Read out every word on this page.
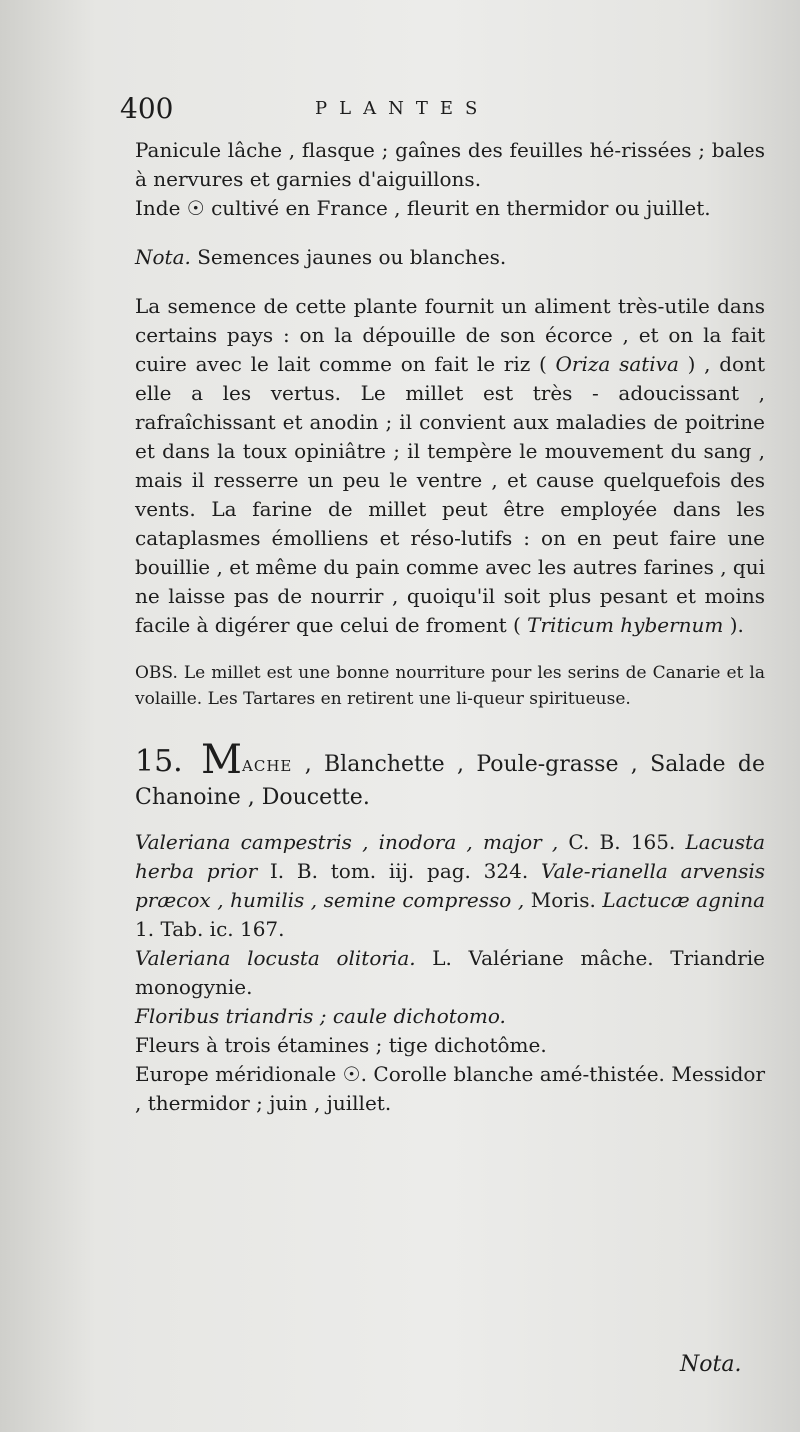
400	PLANTES

Panicule lâche , flasque ; gaînes des feuilles hé-rissées ; bales à nervures et garnies d'aiguillons.

Inde ☉ cultivé en France , fleurit en thermidor ou juillet.

Nota. Semences jaunes ou blanches.

La semence de cette plante fournit un aliment très-utile dans certains pays : on la dépouille de son écorce , et on la fait cuire avec le lait comme on fait le riz ( Oriza sativa ) , dont elle a les vertus. Le millet est très - adoucissant , rafraîchissant et anodin ; il convient aux maladies de poitrine et dans la toux opiniâtre ; il tempère le mouvement du sang , mais il resserre un peu le ventre , et cause quelquefois des vents. La farine de millet peut être employée dans les cataplasmes émolliens et réso-lutifs : on en peut faire une bouillie , et même du pain comme avec les autres farines , qui ne laisse pas de nourrir , quoiqu'il soit plus pesant et moins facile à digérer que celui de froment ( Triticum hybernum ).

OBS. Le millet est une bonne nourriture pour les serins de Canarie et la volaille. Les Tartares en retirent une li-queur spiritueuse.

15. MACHE , Blanchette , Poule-grasse , Salade de Chanoine , Doucette.

Valeriana campestris , inodora , major , C. B. 165. Lacusta herba prior I. B. tom. iij. pag. 324. Vale-rianella arvensis præcox , humilis , semine compresso , Moris. Lactucæ agnina 1. Tab. ic. 167.

Valeriana locusta olitoria. L. Valériane mâche. Triandrie monogynie.

Floribus triandris ; caule dichotomo.

Fleurs à trois étamines ; tige dichotôme.

Europe méridionale ☉. Corolle blanche amé-thistée. Messidor , thermidor ; juin , juillet.

Nota.
